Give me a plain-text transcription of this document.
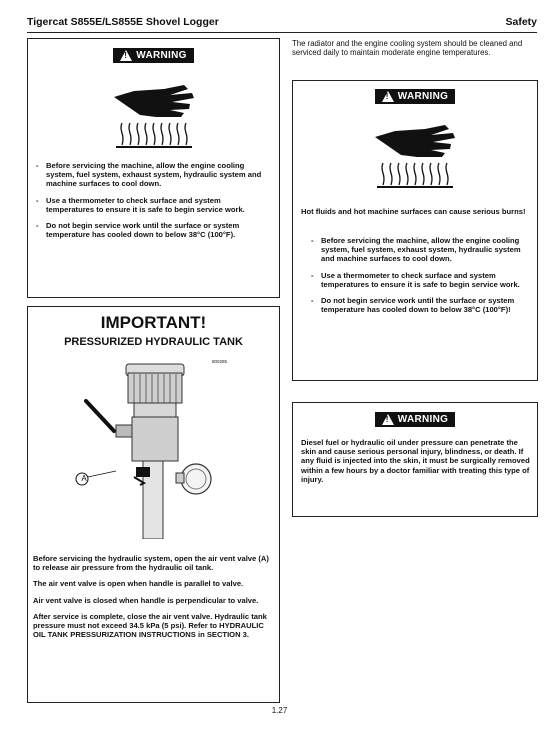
Tigercat S855E/LS855E Shovel Logger	Safety
!
WARNING
- Before servicing the machine, allow the engine cooling system, fuel system, exhaust system, hydraulic system and machine surfaces to cool down.
- Use a thermometer to check surface and system temperatures to ensure it is safe to begin service work.
- Do not begin service work until the surface or system temperature has cooled down to below 38°C (100°F).
IMPORTANT!
PRESSURIZED HYDRAULIC TANK
800285
A

Before servicing the hydraulic system, open the air vent valve (A) to release air pressure from the hydraulic oil tank.

The air vent valve is open when handle is parallel to valve.

Air vent valve is closed when handle is perpendicular to valve.

After service is complete, close the air vent valve. Hydraulic tank pressure must not exceed 34.5 kPa (5 psi). Refer to HYDRAULIC OIL TANK PRESSURIZATION INSTRUCTIONS in SECTION 3.

The radiator and the engine cooling system should be cleaned and serviced daily to maintain moderate engine temperatures.
!
WARNING

Hot fluids and hot machine surfaces can cause serious burns!

- Before servicing the machine, allow the engine cooling system, fuel system, exhaust system, hydraulic system and machine surfaces to cool down.
- Use a thermometer to check surface and system temperatures to ensure it is safe to begin service work.
- Do not begin service work until the surface or system temperature has cooled down to below 38°C (100°F)!
!
WARNING

Diesel fuel or hydraulic oil under pressure can penetrate the skin and cause serious personal injury, blindness, or death. If any fluid is injected into the skin, it must be surgically removed within a few hours by a doctor familiar with treating this type of injury.

1.27
